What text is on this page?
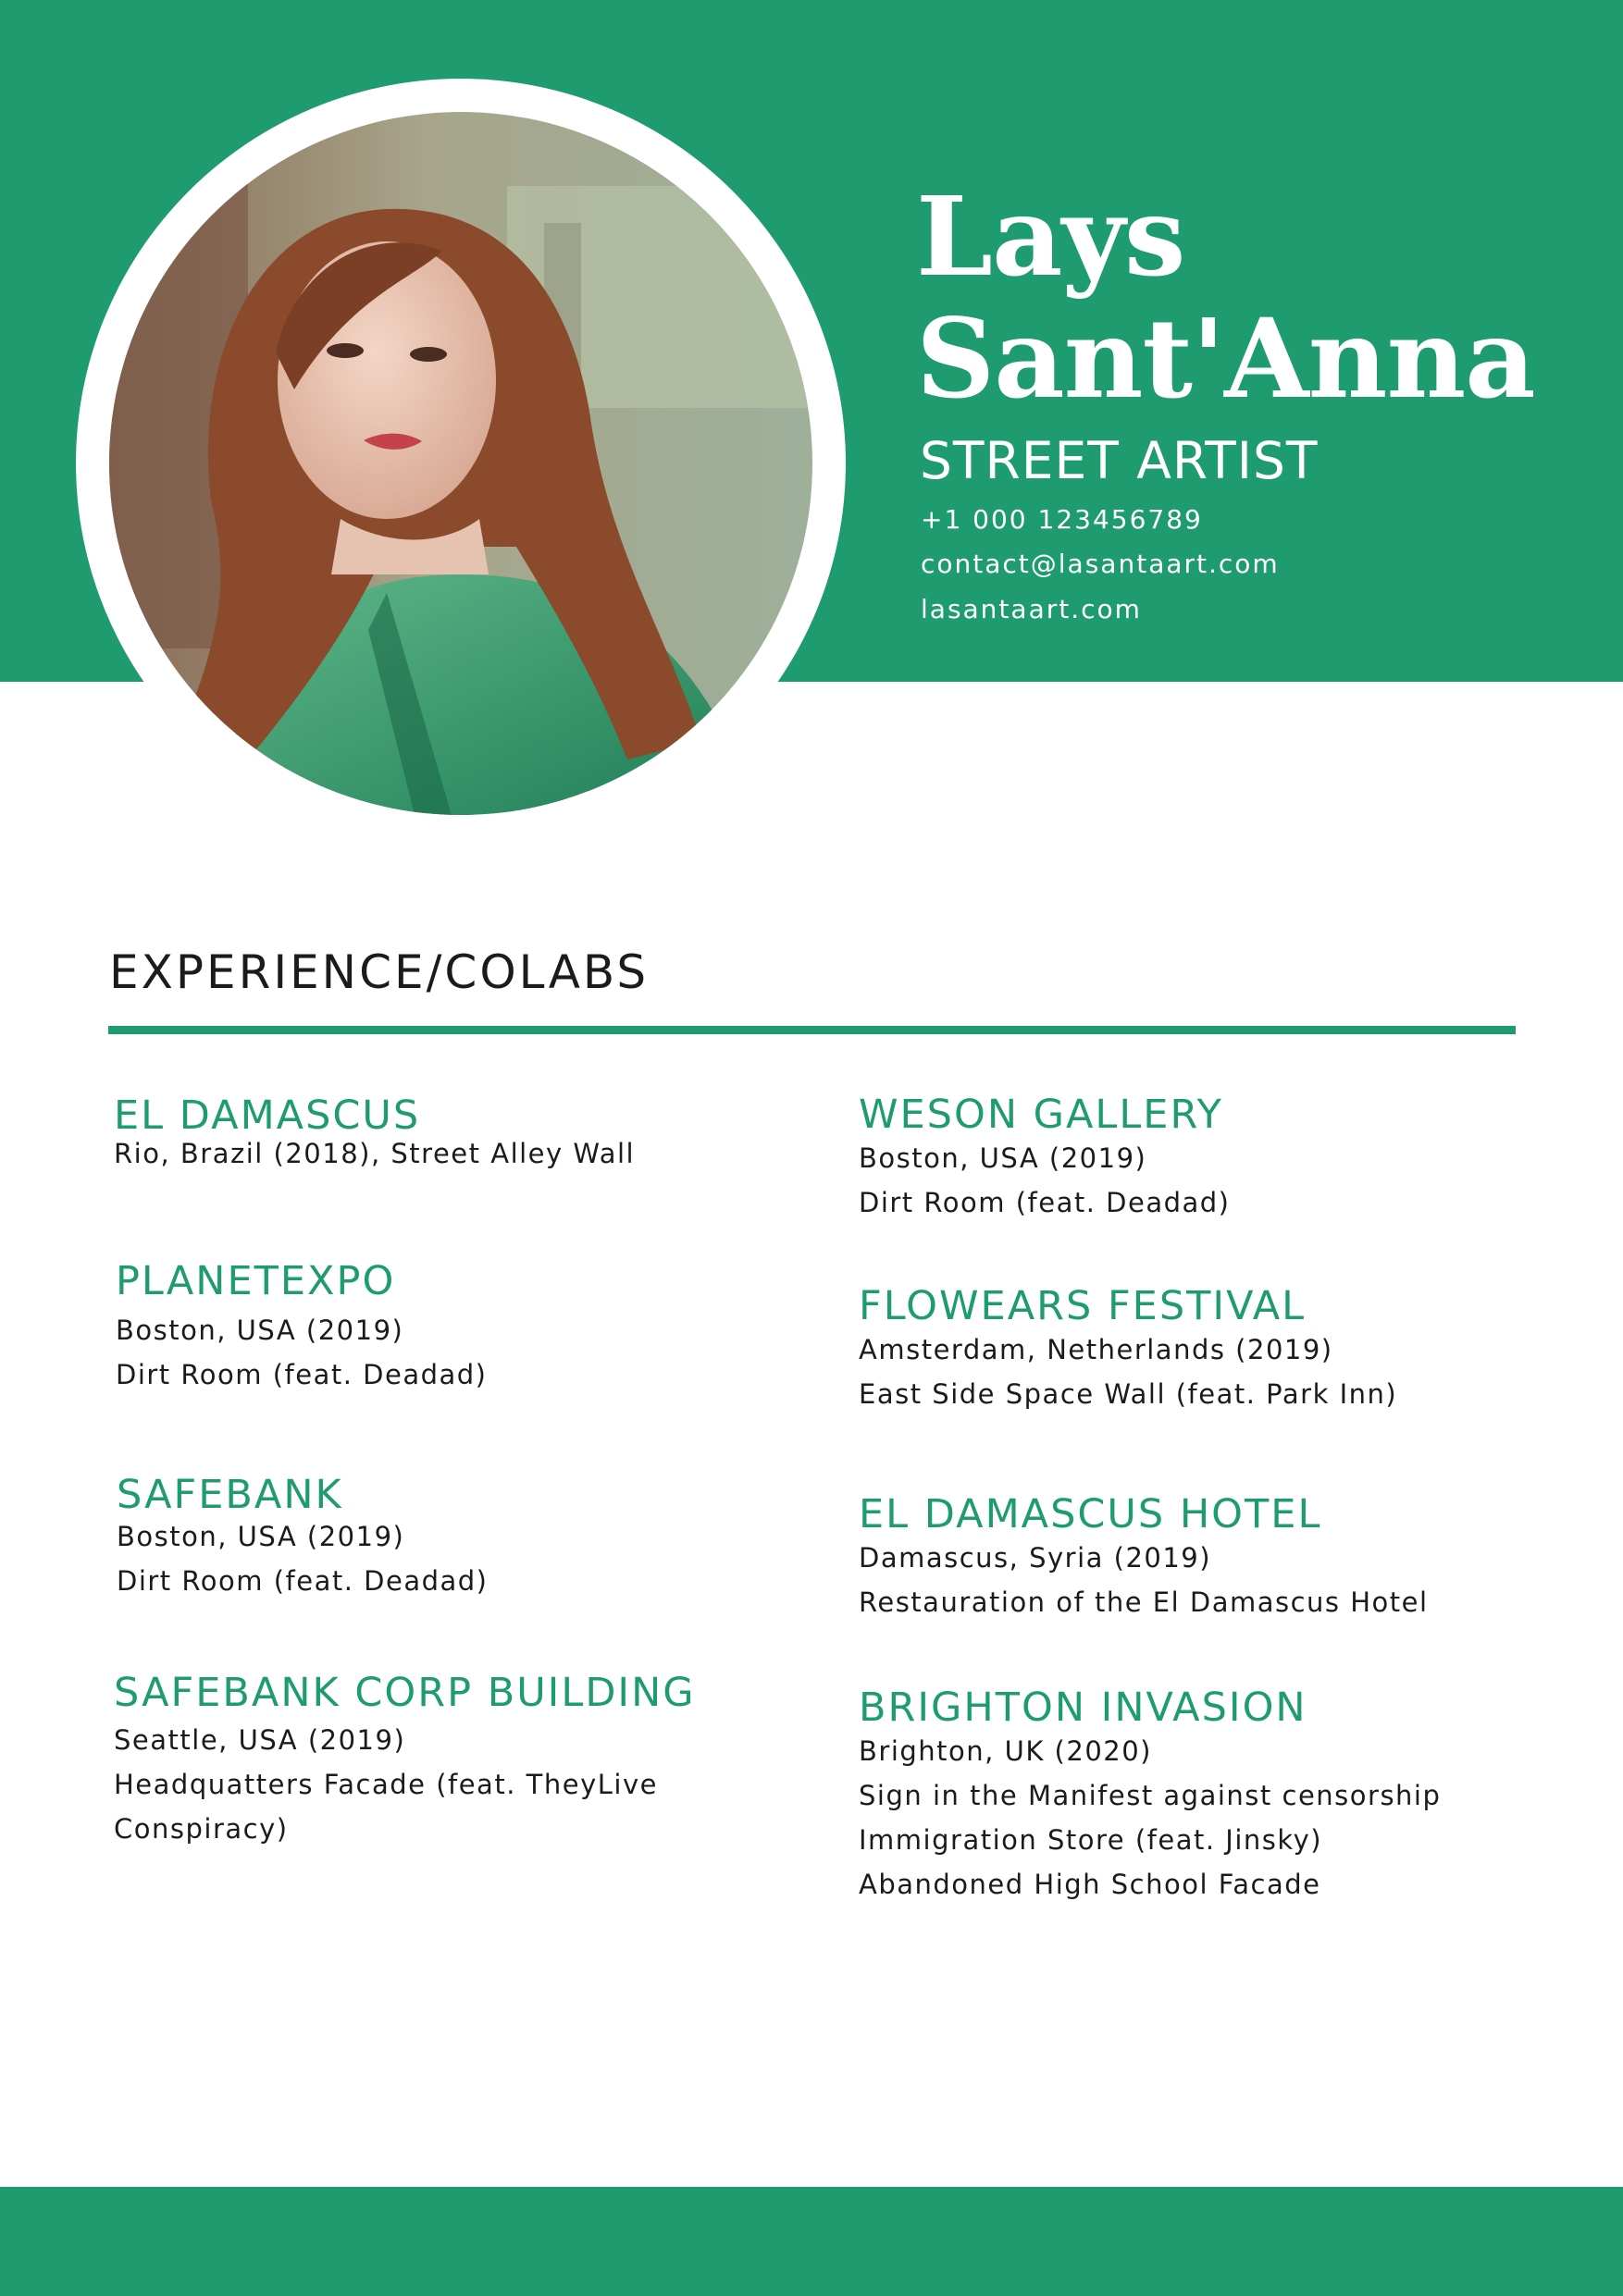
Lays
Sant'Anna
STREET ARTIST
+1 000 123456789
contact@lasantaart.com
lasantaart.com
EXPERIENCE/COLABS
EL DAMASCUS
Rio, Brazil (2018), Street Alley Wall
PLANETEXPO
Boston, USA (2019)
Dirt Room (feat. Deadad)
SAFEBANK
Boston, USA (2019)
Dirt Room (feat. Deadad)
SAFEBANK CORP BUILDING
Seattle, USA (2019)
Headquatters Facade (feat. TheyLive Conspiracy)
WESON GALLERY
Boston, USA (2019)
Dirt Room (feat. Deadad)
FLOWEARS FESTIVAL
Amsterdam, Netherlands (2019)
East Side Space Wall (feat. Park Inn)
EL DAMASCUS HOTEL
Damascus, Syria (2019)
Restauration of the El Damascus Hotel
BRIGHTON INVASION
Brighton, UK (2020)
Sign in the Manifest against censorship
Immigration Store (feat. Jinsky)
Abandoned High School Facade
